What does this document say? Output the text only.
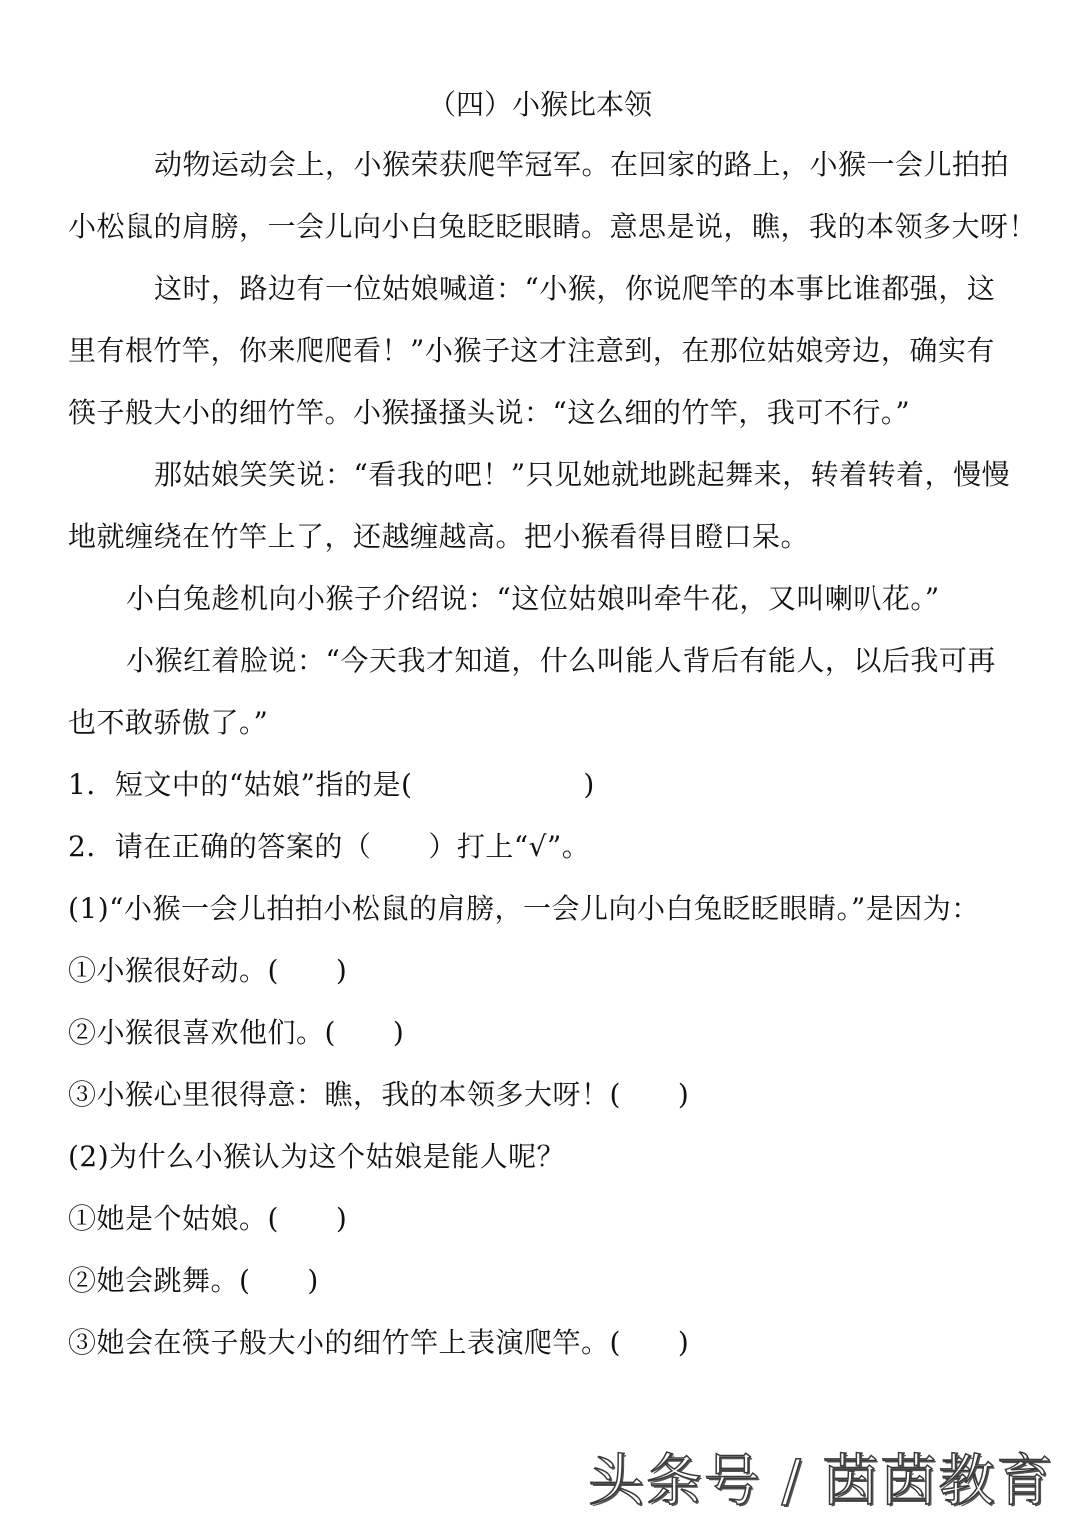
（四）小猴比本领
动物运动会上，小猴荣获爬竿冠军。在回家的路上，小猴一会儿拍拍
小松鼠的肩膀，一会儿向小白兔眨眨眼睛。意思是说，瞧，我的本领多大呀！
这时，路边有一位姑娘喊道：“小猴，你说爬竿的本事比谁都强，这
里有根竹竿，你来爬爬看！”小猴子这才注意到，在那位姑娘旁边，确实有
筷子般大小的细竹竿。小猴搔搔头说：“这么细的竹竿，我可不行。”
那姑娘笑笑说：“看我的吧！”只见她就地跳起舞来，转着转着，慢慢
地就缠绕在竹竿上了，还越缠越高。把小猴看得目瞪口呆。
小白兔趁机向小猴子介绍说：“这位姑娘叫牵牛花，又叫喇叭花。”
小猴红着脸说：“今天我才知道，什么叫能人背后有能人，以后我可再
也不敢骄傲了。”
1．短文中的“姑娘”指的是(　　　　　　)
2．请在正确的答案的（　　）打上“√”。
(1)“小猴一会儿拍拍小松鼠的肩膀，一会儿向小白兔眨眨眼睛。”是因为：
①小猴很好动。(　　)
②小猴很喜欢他们。(　　)
③小猴心里很得意：瞧，我的本领多大呀！(　　)
(2)为什么小猴认为这个姑娘是能人呢？
①她是个姑娘。(　　)
②她会跳舞。(　　)
③她会在筷子般大小的细竹竿上表演爬竿。(　　)
头条号 / 茵茵教育
